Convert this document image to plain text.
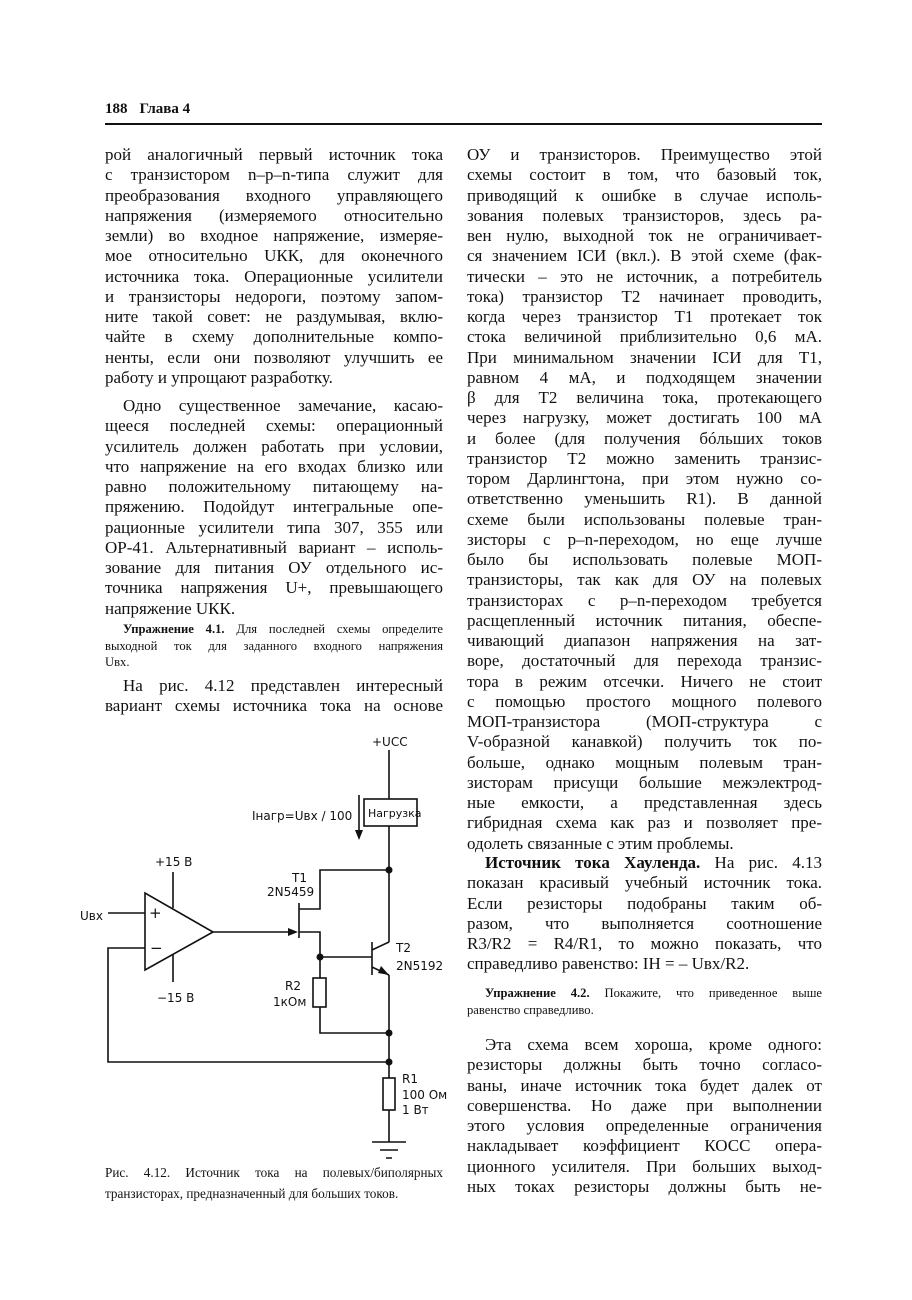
188 Глава 4
рой аналогичный первый источник тока
с транзистором n–p–n-типа служит для
преобразования входного управляющего
напряжения (измеряемого относительно
земли) во входное напряжение, измеряе-
мое относительно UКК, для оконечного
источника тока. Операционные усилители
и транзисторы недороги, поэтому запом-
ните такой совет: не раздумывая, вклю-
чайте в схему дополнительные компо-
ненты, если они позволяют улучшить ее
работу и упрощают разработку.
Одно существенное замечание, касаю-
щееся последней схемы: операционный
усилитель должен работать при условии,
что напряжение на его входах близко или
равно положительному питающему на-
пряжению. Подойдут интегральные опе-
рационные усилители типа 307, 355 или
OP-41. Альтернативный вариант – исполь-
зование для питания ОУ отдельного ис-
точника напряжения U+, превышающего
напряжение UКК.
Упражнение 4.1. Для последней схемы определите
выходной ток для заданного входного напряжения
Uвх.
На рис. 4.12 представлен интересный
вариант схемы источника тока на основе
ОУ и транзисторов. Преимущество этой
схемы состоит в том, что базовый ток,
приводящий к ошибке в случае исполь-
зования полевых транзисторов, здесь ра-
вен нулю, выходной ток не ограничивает-
ся значением IСИ (вкл.). В этой схеме (фак-
тически – это не источник, а потребитель
тока) транзистор T2 начинает проводить,
когда через транзистор T1 протекает ток
стока величиной приблизительно 0,6 мА.
При минимальном значении IСИ для T1,
равном 4 мА, и подходящем значении
β для T2 величина тока, протекающего
через нагрузку, может достигать 100 мА
и более (для получения бóльших токов
транзистор T2 можно заменить транзис-
тором Дарлингтона, при этом нужно со-
ответственно уменьшить R1). В данной
схеме были использованы полевые тран-
зисторы с p–n-переходом, но еще лучше
было бы использовать полевые МОП-
транзисторы, так как для ОУ на полевых
транзисторах с p–n-переходом требуется
расщепленный источник питания, обеспе-
чивающий диапазон напряжения на зат-
воре, достаточный для перехода транзис-
тора в режим отсечки. Ничего не стоит
с помощью простого мощного полевого
МОП-транзистора (МОП-структура с
V-образной канавкой) получить ток по-
больше, однако мощным полевым тран-
зисторам присущи большие межэлектрод-
ные емкости, а представленная здесь
гибридная схема как раз и позволяет пре-
одолеть связанные с этим проблемы.
Источник тока Хауленда. На рис. 4.13
показан красивый учебный источник тока.
Если резисторы подобраны таким об-
разом, что выполняется соотношение
R3/R2 = R4/R1, то можно показать, что
справедливо равенство: IН = – Uвх/R2.
Упражнение 4.2. Покажите, что приведенное выше
равенство справедливо.
Эта схема всем хороша, кроме одного:
резисторы должны быть точно согласо-
ваны, иначе источник тока будет далек от
совершенства. Но даже при выполнении
этого условия определенные ограничения
накладывает коэффициент КОСС опера-
ционного усилителя. При больших выход-
ных токах резисторы должны быть не-
+UCC
Нагрузка
Iнагр=Uвх / 100
+15 В
−15 В
Uвх	+
−
T1
2N5459
T2
2N5192
R2
1кОм
R1
100 Ом
1 Вт
Рис. 4.12. Источник тока на полевых/биполярных
транзисторах, предназначенный для больших токов.
